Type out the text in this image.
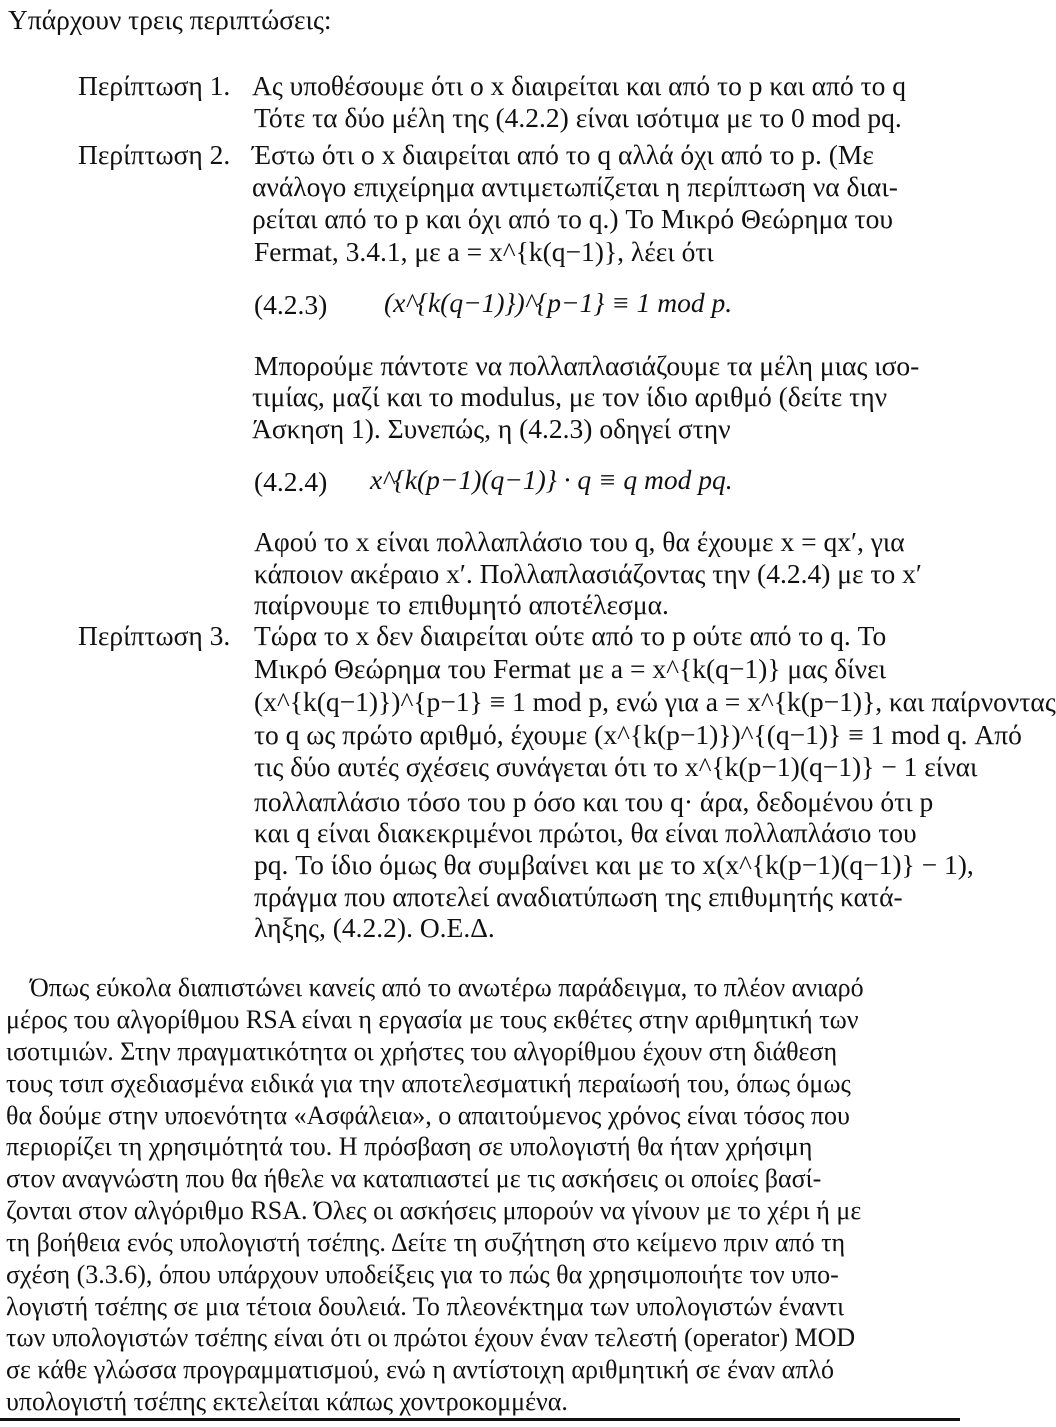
Υπάρχουν τρεις περιπτώσεις:
Περίπτωση 1. Ας υποθέσουμε ότι ο x διαιρείται και από το p και από το q
Τότε τα δύο μέλη της (4.2.2) είναι ισότιμα με το 0 mod pq.
Περίπτωση 2. Έστω ότι ο x διαιρείται από το q αλλά όχι από το p. (Με
ανάλογο επιχείρημα αντιμετωπίζεται η περίπτωση να διαι-
ρείται από το p και όχι από το q.) Το Μικρό Θεώρημα του
Fermat, 3.4.1, με a = x^{k(q−1)}, λέει ότι
(4.2.3) (x^{k(q−1)})^{p−1} ≡ 1 mod p.
Μπορούμε πάντοτε να πολλαπλασιάζουμε τα μέλη μιας ισο-
τιμίας, μαζί και το modulus, με τον ίδιο αριθμό (δείτε την
Άσκηση 1). Συνεπώς, η (4.2.3) οδηγεί στην
(4.2.4) x^{k(p−1)(q−1)} · q ≡ q mod pq.
Αφού το x είναι πολλαπλάσιο του q, θα έχουμε x = qx′, για
κάποιον ακέραιο x′. Πολλαπλασιάζοντας την (4.2.4) με το x′
παίρνουμε το επιθυμητό αποτέλεσμα.
Περίπτωση 3. Τώρα το x δεν διαιρείται ούτε από το p ούτε από το q. Το
Μικρό Θεώρημα του Fermat με a = x^{k(q−1)} μας δίνει
(x^{k(q−1)})^{p−1} ≡ 1 mod p, ενώ για a = x^{k(p−1)}, και παίρνοντας
το q ως πρώτο αριθμό, έχουμε (x^{k(p−1)})^{(q−1)} ≡ 1 mod q. Από
τις δύο αυτές σχέσεις συνάγεται ότι το x^{k(p−1)(q−1)} − 1 είναι
πολλαπλάσιο τόσο του p όσο και του q· άρα, δεδομένου ότι p
και q είναι διακεκριμένοι πρώτοι, θα είναι πολλαπλάσιο του
pq. Το ίδιο όμως θα συμβαίνει και με το x(x^{k(p−1)(q−1)} − 1),
πράγμα που αποτελεί αναδιατύπωση της επιθυμητής κατά-
ληξης, (4.2.2). Ο.Ε.Δ.
Όπως εύκολα διαπιστώνει κανείς από το ανωτέρω παράδειγμα, το πλέον ανιαρό
μέρος του αλγορίθμου RSA είναι η εργασία με τους εκθέτες στην αριθμητική των
ισοτιμιών. Στην πραγματικότητα οι χρήστες του αλγορίθμου έχουν στη διάθεση
τους τσιπ σχεδιασμένα ειδικά για την αποτελεσματική περαίωσή του, όπως όμως
θα δούμε στην υποενότητα «Ασφάλεια», ο απαιτούμενος χρόνος είναι τόσος που
περιορίζει τη χρησιμότητά του. Η πρόσβαση σε υπολογιστή θα ήταν χρήσιμη
στον αναγνώστη που θα ήθελε να καταπιαστεί με τις ασκήσεις οι οποίες βασί-
ζονται στον αλγόριθμο RSA. Όλες οι ασκήσεις μπορούν να γίνουν με το χέρι ή με
τη βοήθεια ενός υπολογιστή τσέπης. Δείτε τη συζήτηση στο κείμενο πριν από τη
σχέση (3.3.6), όπου υπάρχουν υποδείξεις για το πώς θα χρησιμοποιήτε τον υπο-
λογιστή τσέπης σε μια τέτοια δουλειά. Το πλεονέκτημα των υπολογιστών έναντι
των υπολογιστών τσέπης είναι ότι οι πρώτοι έχουν έναν τελεστή (operator) MOD
σε κάθε γλώσσα προγραμματισμού, ενώ η αντίστοιχη αριθμητική σε έναν απλό
υπολογιστή τσέπης εκτελείται κάπως χοντροκομμένα.
